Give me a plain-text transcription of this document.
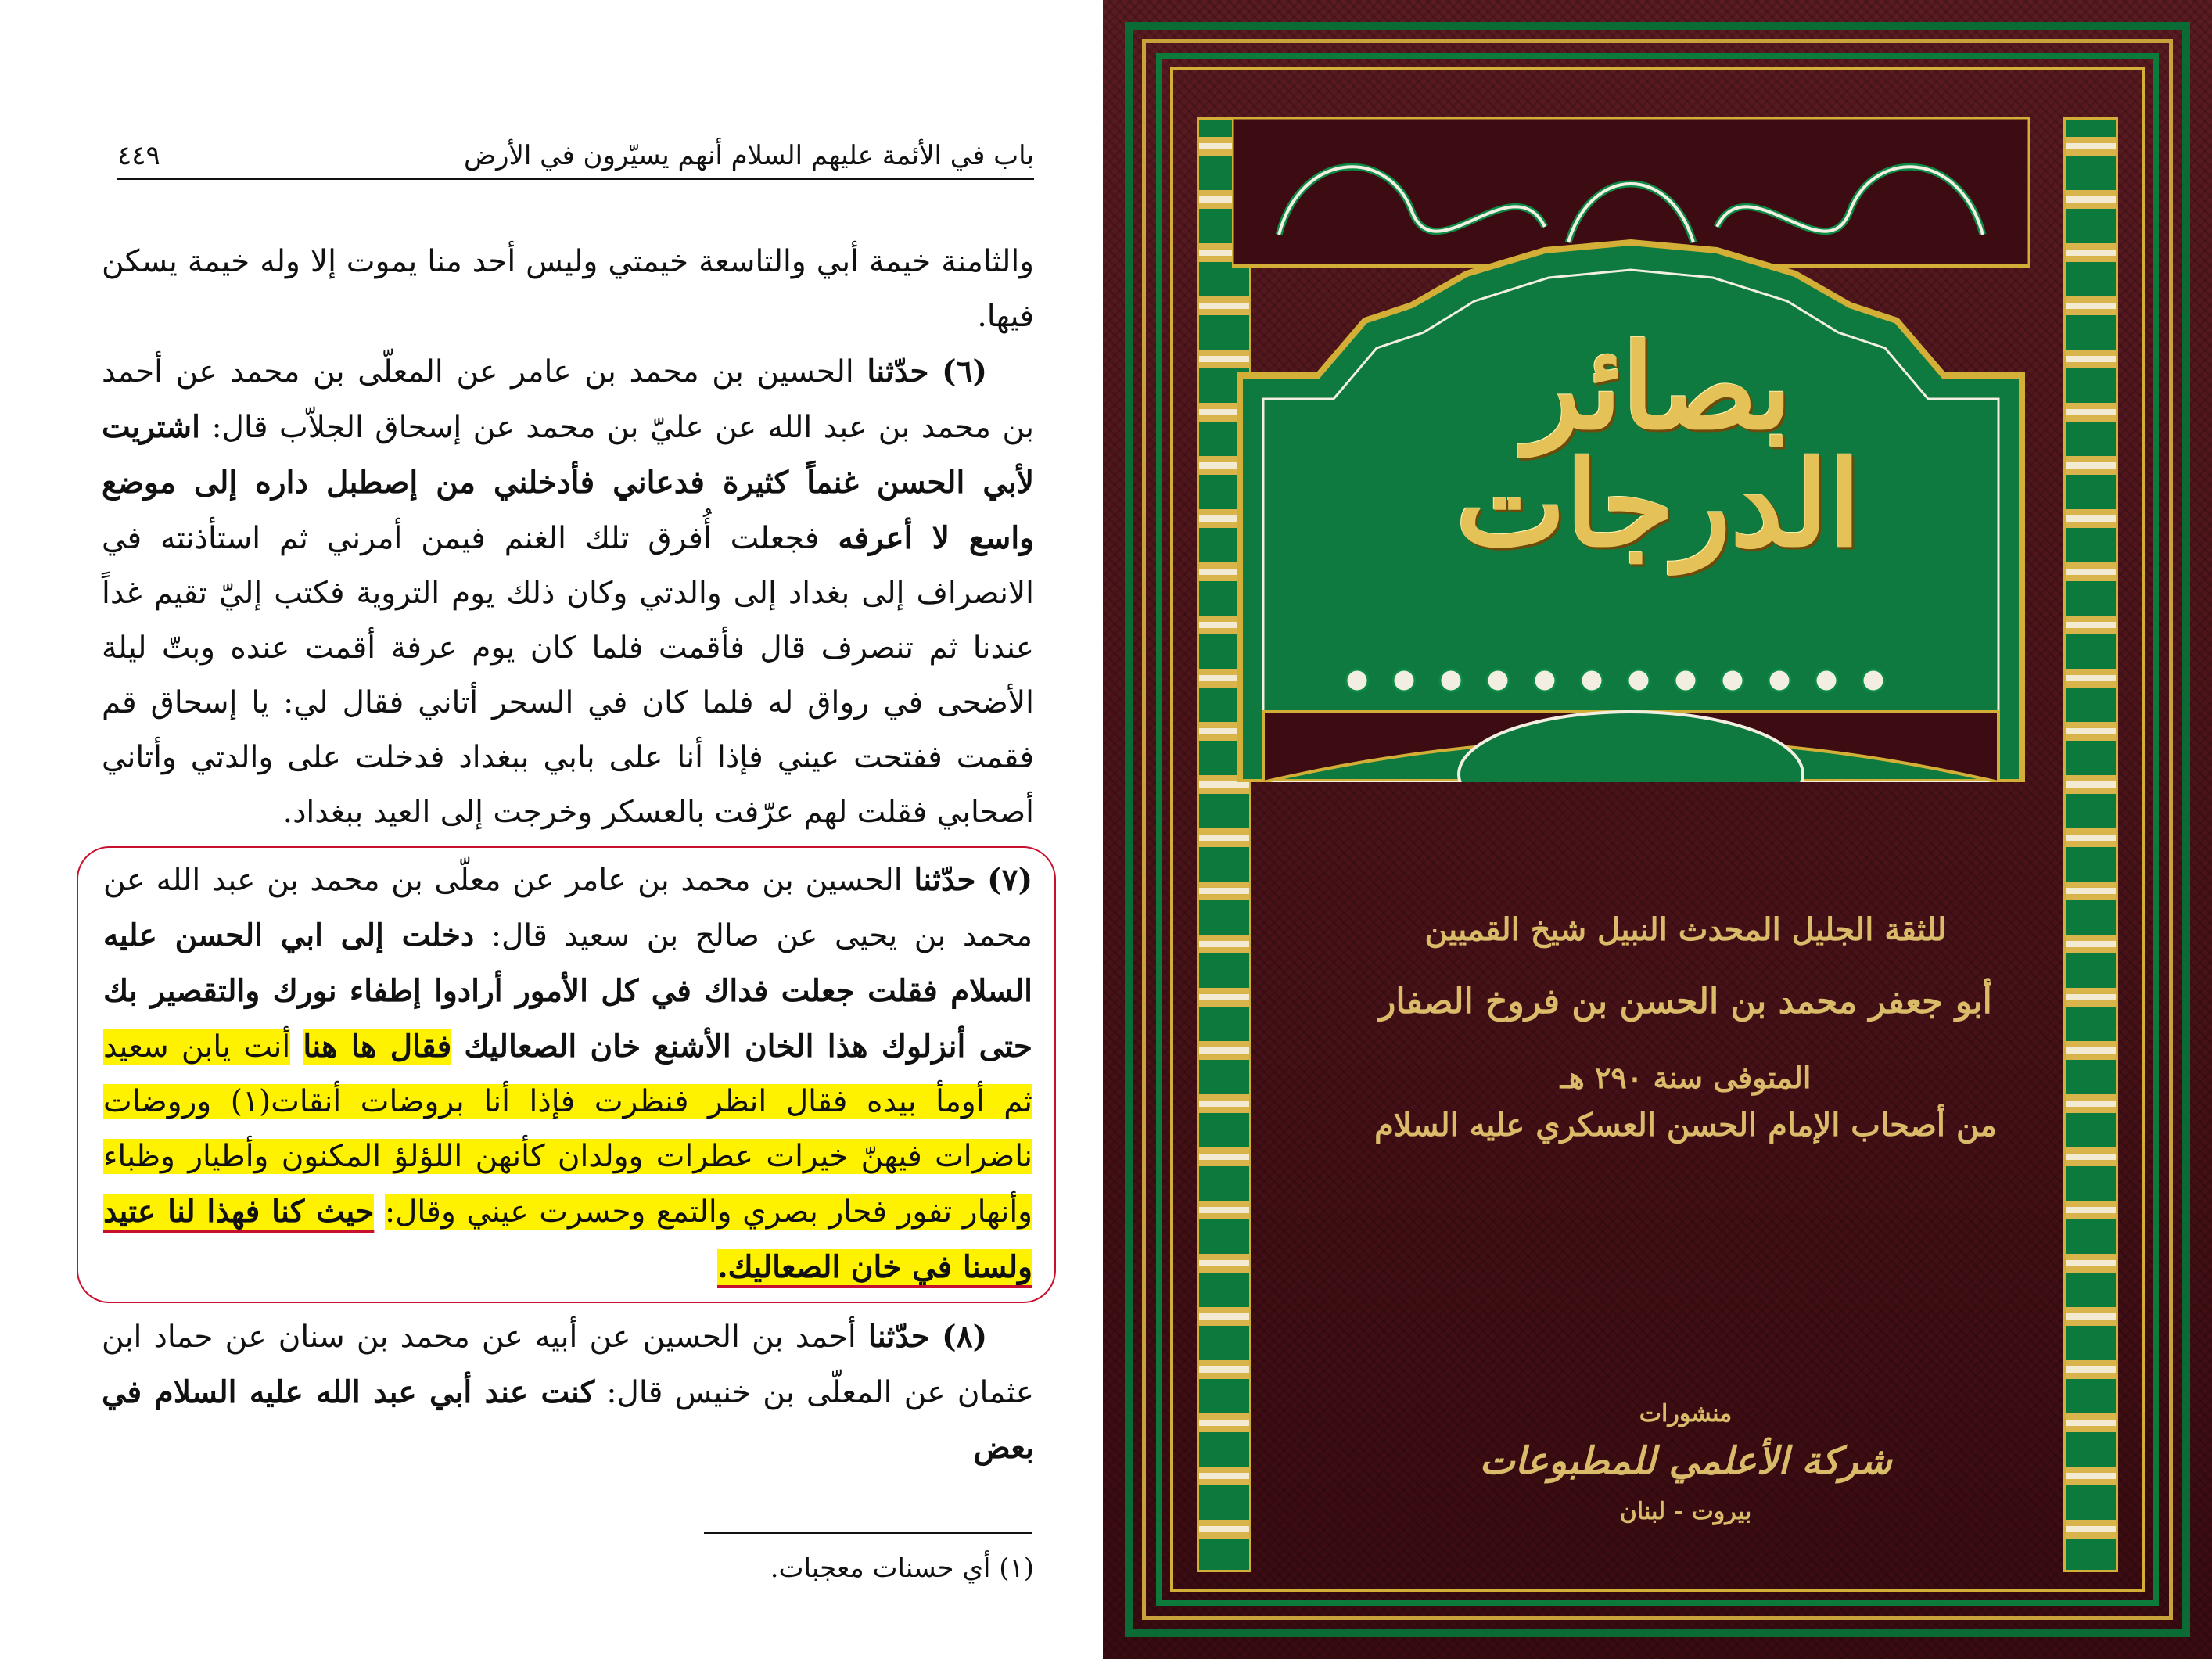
باب في الأئمة عليهم السلام أنهم يسيّرون في الأرض
٤٤٩

والثامنة خيمة أبي والتاسعة خيمتي وليس أحد منا يموت إلا وله خيمة يسكن فيها.

(٦) حدّثنا الحسين بن محمد بن عامر عن المعلّى بن محمد عن أحمد بن محمد بن عبد الله عن عليّ بن محمد عن إسحاق الجلاّب قال: اشتريت لأبي الحسن غنماً كثيرة فدعاني فأدخلني من إصطبل داره إلى موضع واسع لا أعرفه فجعلت أُفرق تلك الغنم فيمن أمرني ثم استأذنته في الانصراف إلى بغداد إلى والدتي وكان ذلك يوم التروية فكتب إليّ تقيم غداً عندنا ثم تنصرف قال فأقمت فلما كان يوم عرفة أقمت عنده وبتّ ليلة الأضحى في رواق له فلما كان في السحر أتاني فقال لي: يا إسحاق قم فقمت ففتحت عيني فإذا أنا على بابي ببغداد فدخلت على والدتي وأتاني أصحابي فقلت لهم عرّفت بالعسكر وخرجت إلى العيد ببغداد.

(٧) حدّثنا الحسين بن محمد بن عامر عن معلّى بن محمد بن عبد الله عن محمد بن يحيى عن صالح بن سعيد قال: دخلت إلى ابي الحسن عليه السلام فقلت جعلت فداك في كل الأمور أرادوا إطفاء نورك والتقصير بك حتى أنزلوك هذا الخان الأشنع خان الصعاليك فقال ها هنا أنت يابن سعيد ثم أومأ بيده فقال انظر فنظرت فإذا أنا بروضات أنقات(١) وروضات ناضرات فيهنّ خيرات عطرات وولدان كأنهن اللؤلؤ المكنون وأطيار وظباء وأنهار تفور فحار بصري والتمع وحسرت عيني وقال: حيث كنا فهذا لنا عتيد ولسنا في خان الصعاليك.

(٨) حدّثنا أحمد بن الحسين عن أبيه عن محمد بن سنان عن حماد ابن عثمان عن المعلّى بن خنيس قال: كنت عند أبي عبد الله عليه السلام في بعض

(١) أي حسنات معجبات.
بصائر الدرجات
للثقة الجليل المحدث النبيل شيخ القميين
أبو جعفر محمد بن الحسن بن فروخ الصفار
المتوفى سنة ٢٩٠ هـ
من أصحاب الإمام الحسن العسكري عليه السلام
منشورات
شركة الأعلمي للمطبوعات
بيروت - لبنان
